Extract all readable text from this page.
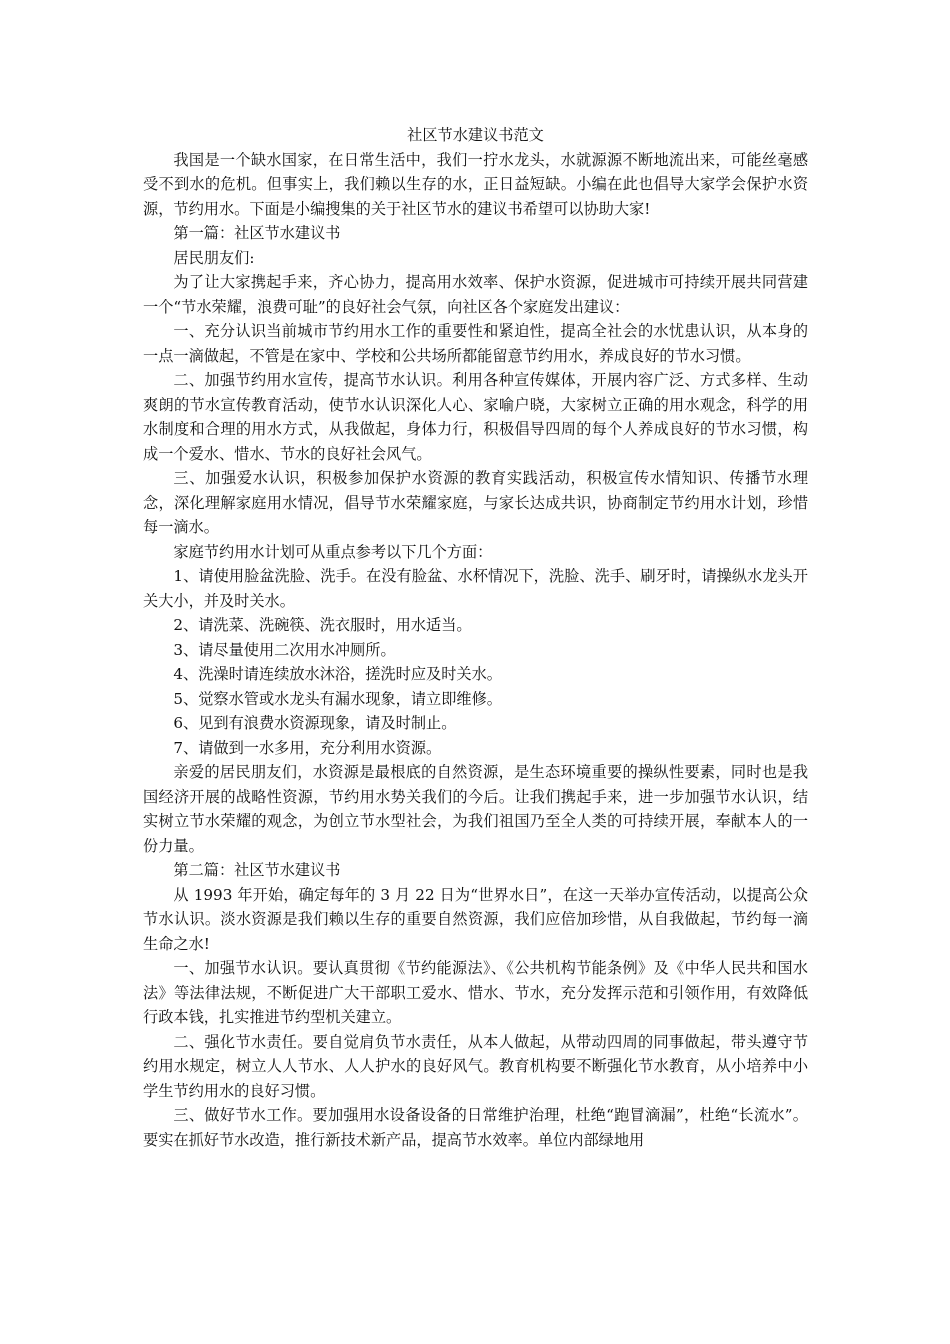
社区节水建议书范文

我国是一个缺水国家，在日常生活中，我们一拧水龙头，水就源源不断地流出来，可能丝毫感受不到水的危机。但事实上，我们赖以生存的水，正日益短缺。小编在此也倡导大家学会保护水资源，节约用水。下面是小编搜集的关于社区节水的建议书希望可以协助大家!

第一篇：社区节水建议书

居民朋友们:

为了让大家携起手来，齐心协力，提高用水效率、保护水资源，促进城市可持续开展共同营建一个“节水荣耀，浪费可耻”的良好社会气氛，向社区各个家庭发出建议：

一、充分认识当前城市节约用水工作的重要性和紧迫性，提高全社会的水忧患认识，从本身的一点一滴做起，不管是在家中、学校和公共场所都能留意节约用水，养成良好的节水习惯。

二、加强节约用水宣传，提高节水认识。利用各种宣传媒体，开展内容广泛、方式多样、生动爽朗的节水宣传教育活动，使节水认识深化人心、家喻户晓，大家树立正确的用水观念，科学的用水制度和合理的用水方式，从我做起，身体力行，积极倡导四周的每个人养成良好的节水习惯，构成一个爱水、惜水、节水的良好社会风气。

三、加强爱水认识，积极参加保护水资源的教育实践活动，积极宣传水情知识、传播节水理念，深化理解家庭用水情况，倡导节水荣耀家庭，与家长达成共识，协商制定节约用水计划，珍惜每一滴水。

家庭节约用水计划可从重点参考以下几个方面：

1、请使用脸盆洗脸、洗手。在没有脸盆、水杯情况下，洗脸、洗手、刷牙时，请操纵水龙头开关大小，并及时关水。

2、请洗菜、洗碗筷、洗衣服时，用水适当。

3、请尽量使用二次用水冲厕所。

4、洗澡时请连续放水沐浴，搓洗时应及时关水。

5、觉察水管或水龙头有漏水现象，请立即维修。

6、见到有浪费水资源现象，请及时制止。

7、请做到一水多用，充分利用水资源。

亲爱的居民朋友们，水资源是最根底的自然资源，是生态环境重要的操纵性要素，同时也是我国经济开展的战略性资源，节约用水势关我们的今后。让我们携起手来，进一步加强节水认识，结实树立节水荣耀的观念，为创立节水型社会，为我们祖国乃至全人类的可持续开展，奉献本人的一份力量。

第二篇：社区节水建议书

从 1993 年开始，确定每年的 3 月 22 日为“世界水日”，在这一天举办宣传活动，以提高公众节水认识。淡水资源是我们赖以生存的重要自然资源，我们应倍加珍惜，从自我做起，节约每一滴生命之水!

一、加强节水认识。要认真贯彻《节约能源法》、《公共机构节能条例》及《中华人民共和国水法》等法律法规，不断促进广大干部职工爱水、惜水、节水，充分发挥示范和引领作用，有效降低行政本钱，扎实推进节约型机关建立。

二、强化节水责任。要自觉肩负节水责任，从本人做起，从带动四周的同事做起，带头遵守节约用水规定，树立人人节水、人人护水的良好风气。教育机构要不断强化节水教育，从小培养中小学生节约用水的良好习惯。

三、做好节水工作。要加强用水设备设备的日常维护治理，杜绝“跑冒滴漏”，杜绝“长流水”。要实在抓好节水改造，推行新技术新产品，提高节水效率。单位内部绿地用
